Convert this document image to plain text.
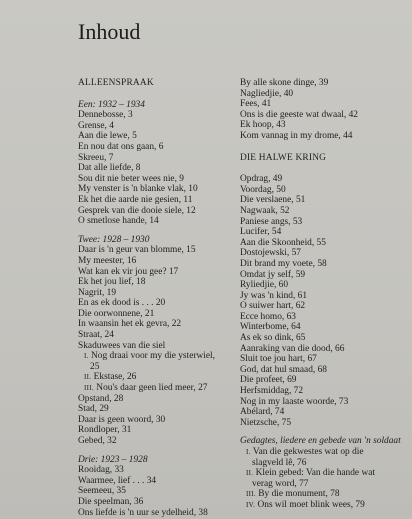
Inhoud
ALLEENSPRAAK
Een: 1932 – 1934
Dennebosse, 3
Grense, 4
Aan die lewe, 5
En nou dat ons gaan, 6
Skreeu, 7
Dat alle liefde, 8
Sou dit nie beter wees nie, 9
My venster is 'n blanke vlak, 10
Ek het die aarde nie gesien, 11
Gesprek van die dooie siele, 12
O smetlose hande, 14
Twee: 1928 – 1930
Daar is 'n geur van blomme, 15
My meester, 16
Wat kan ek vir jou gee? 17
Ek het jou lief, 18
Nagrit, 19
En as ek dood is . . . 20
Die oorwonnene, 21
In waansin het ek gevra, 22
Straat, 24
Skaduwees van die siel
I. Nog draai voor my die ysterwiel,
25
II. Ekstase, 26
III. Nou's daar geen lied meer, 27
Opstand, 28
Stad, 29
Daar is geen woord, 30
Rondloper, 31
Gebed, 32
Drie: 1923 – 1928
Rooidag, 33
Waarmee, lief . . . 34
Seemeeu, 35
Die speelman, 36
Ons liefde is 'n uur se ydelheid, 38
By alle skone dinge, 39
Nagliedjie, 40
Fees, 41
Ons is die geeste wat dwaal, 42
Ek hoop, 43
Kom vannag in my drome, 44
DIE HALWE KRING
Opdrag, 49
Voordag, 50
Die verslaene, 51
Nagwaak, 52
Paniese angs, 53
Lucifer, 54
Aan die Skoonheid, 55
Dostojewski, 57
Dit brand my voete, 58
Omdat jy self, 59
Ryliedjie, 60
Jy was 'n kind, 61
O suiwer hart, 62
Ecce homo, 63
Winterbome, 64
As ek so dink, 65
Aanraking van die dood, 66
Sluit toe jou hart, 67
God, dat hul smaad, 68
Die profeet, 69
Herfsmiddag, 72
Nog in my laaste woorde, 73
Abélard, 74
Nietzsche, 75
Gedagtes, liedere en gebede van 'n soldaat
I. Van die gekwestes wat op die
slagveld lê, 76
II. Klein gebed: Van die hande wat
verag word, 77
III. By die monument, 78
IV. Ons wil moet blink wees, 79
